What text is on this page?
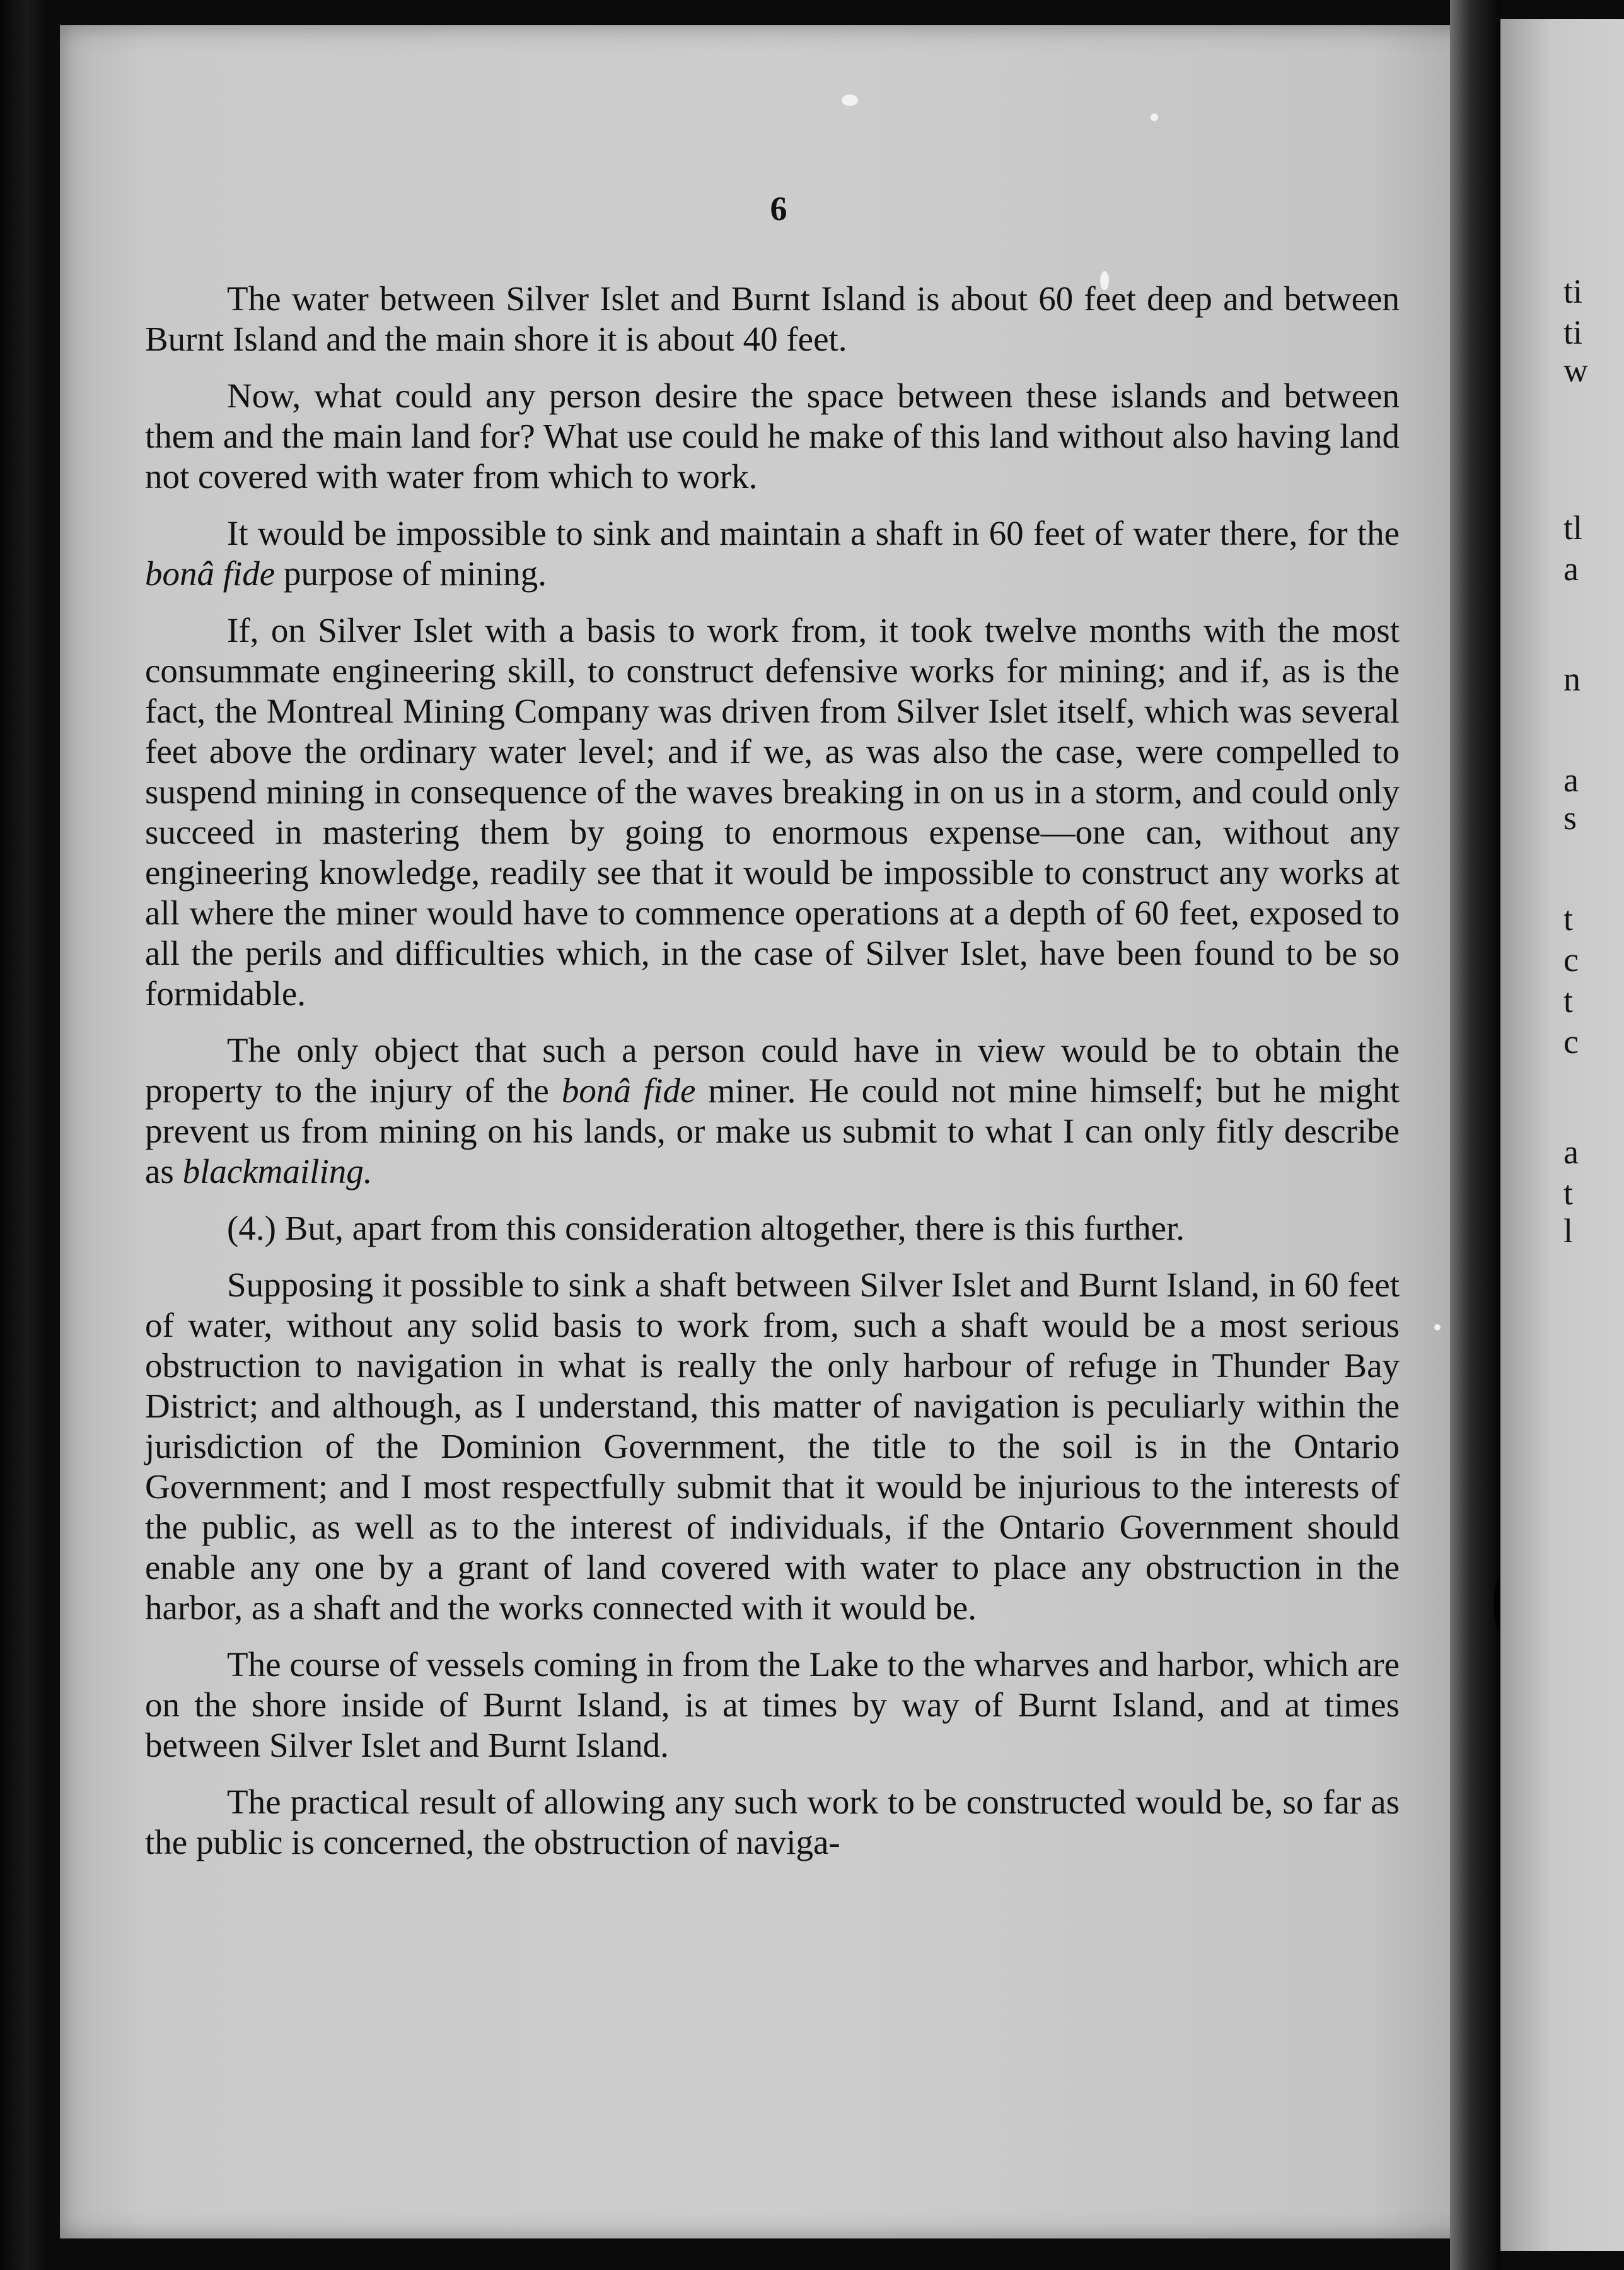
ti
ti
w
tl
a
n
a
s
t
c
t
c
a
t
l
6

The water between Silver Islet and Burnt Island is about 60 feet deep and between Burnt Island and the main shore it is about 40 feet.

Now, what could any person desire the space between these islands and between them and the main land for? What use could he make of this land without also having land not covered with water from which to work.

It would be impossible to sink and maintain a shaft in 60 feet of water there, for the bonâ fide purpose of mining.

If, on Silver Islet with a basis to work from, it took twelve months with the most consummate engineering skill, to construct defensive works for mining; and if, as is the fact, the Montreal Mining Company was driven from Silver Islet itself, which was several feet above the ordinary water level; and if we, as was also the case, were compelled to suspend mining in consequence of the waves breaking in on us in a storm, and could only succeed in mastering them by going to enormous expense—one can, without any engineering knowledge, readily see that it would be impossible to construct any works at all where the miner would have to commence operations at a depth of 60 feet, exposed to all the perils and difficulties which, in the case of Silver Islet, have been found to be so formidable.

The only object that such a person could have in view would be to obtain the property to the injury of the bonâ fide miner. He could not mine himself; but he might prevent us from mining on his lands, or make us submit to what I can only fitly describe as blackmailing.

(4.) But, apart from this consideration altogether, there is this further.

Supposing it possible to sink a shaft between Silver Islet and Burnt Island, in 60 feet of water, without any solid basis to work from, such a shaft would be a most serious obstruction to navigation in what is really the only harbour of refuge in Thunder Bay District; and although, as I understand, this matter of navigation is peculiarly within the jurisdiction of the Dominion Government, the title to the soil is in the Ontario Government; and I most respectfully submit that it would be injurious to the interests of the public, as well as to the interest of individuals, if the Ontario Government should enable any one by a grant of land covered with water to place any obstruction in the harbor, as a shaft and the works connected with it would be.

The course of vessels coming in from the Lake to the wharves and harbor, which are on the shore inside of Burnt Island, is at times by way of Burnt Island, and at times between Silver Islet and Burnt Island.

The practical result of allowing any such work to be constructed would be, so far as the public is concerned, the obstruction of naviga-
